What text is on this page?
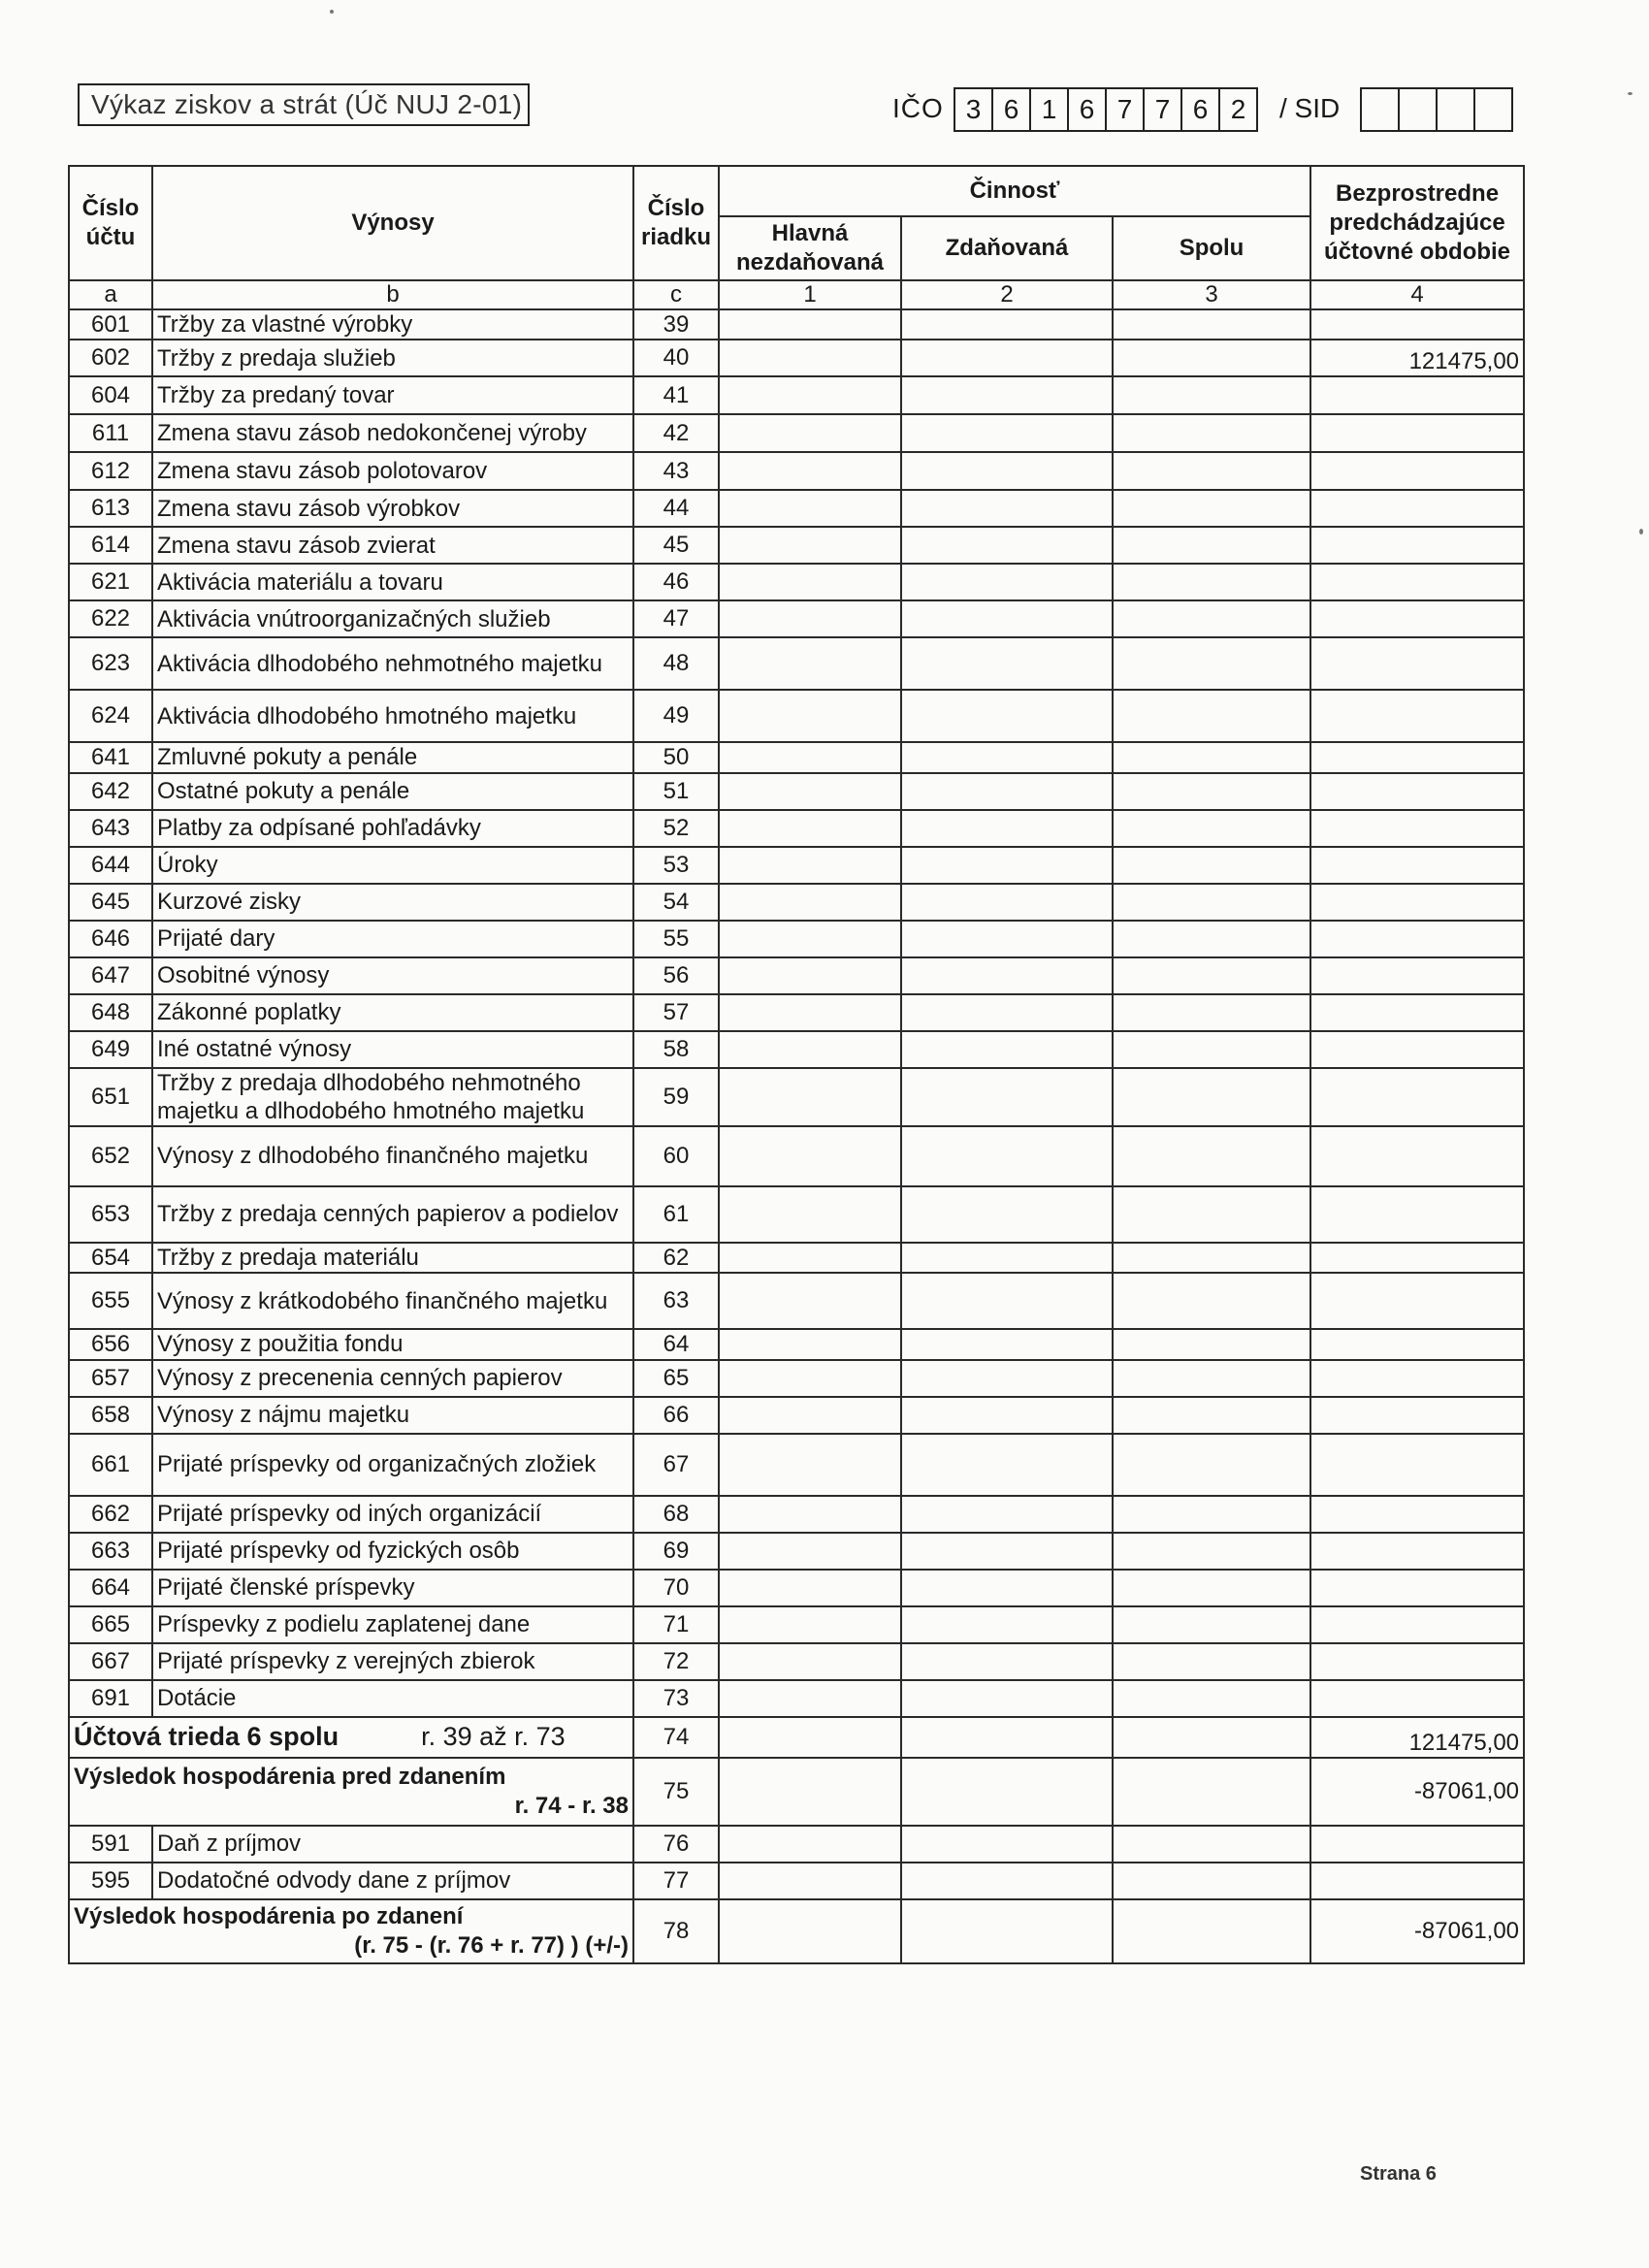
Výkaz ziskov a strát (Úč NUJ 2-01)	IČO 3 6 1 6 7 7 6 2	/ SID
Číslo účtu	Výnosy	Číslo riadku	Činnosť			Bezprostredne predchádzajúce účtovné obdobie
			Hlavná nezdaňovaná	Zdaňovaná	Spolu	
a	b	c	1	2	3	4
601	Tržby za vlastné výrobky	39				
602	Tržby z predaja služieb	40				121475,00
604	Tržby za predaný tovar	41				
611	Zmena stavu zásob nedokončenej výroby	42				
612	Zmena stavu zásob polotovarov	43				
613	Zmena stavu zásob výrobkov	44				
614	Zmena stavu zásob zvierat	45				
621	Aktivácia materiálu a tovaru	46				
622	Aktivácia vnútroorganizačných služieb	47				
623	Aktivácia dlhodobého nehmotného majetku	48				
624	Aktivácia dlhodobého hmotného majetku	49				
641	Zmluvné pokuty a penále	50				
642	Ostatné pokuty a penále	51				
643	Platby za odpísané pohľadávky	52				
644	Úroky	53				
645	Kurzové zisky	54				
646	Prijaté dary	55				
647	Osobitné výnosy	56				
648	Zákonné poplatky	57				
649	Iné ostatné výnosy	58				
651	Tržby z predaja dlhodobého nehmotného majetku a dlhodobého hmotného majetku	59				
652	Výnosy z dlhodobého finančného majetku	60				
653	Tržby z predaja cenných papierov a podielov	61				
654	Tržby z predaja materiálu	62				
655	Výnosy z krátkodobého finančného majetku	63				
656	Výnosy z použitia fondu	64				
657	Výnosy z precenenia cenných papierov	65				
658	Výnosy z nájmu majetku	66				
661	Prijaté príspevky od organizačných zložiek	67				
662	Prijaté príspevky od iných organizácií	68				
663	Prijaté príspevky od fyzických osôb	69				
664	Prijaté členské príspevky	70				
665	Príspevky z podielu zaplatenej dane	71				
667	Prijaté príspevky z verejných zbierok	72				
691	Dotácie	73				
Účtová trieda 6 spolu r. 39 až r. 73		74				121475,00

Výsledok hospodárenia pred zdanením
r. 74 - r. 38		75				-87061,00
591	Daň z príjmov	76				
595	Dodatočné odvody dane z príjmov	77				

Výsledok hospodárenia po zdanení
(r. 75 - (r. 76 + r. 77) ) (+/-)		78				-87061,00
Strana 6
